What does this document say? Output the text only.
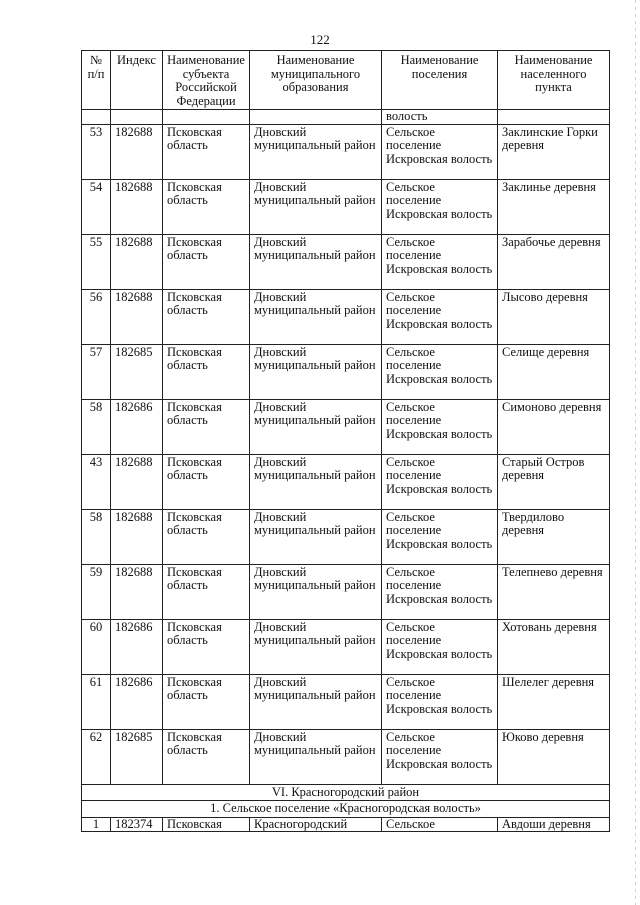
122
№ п/п	Индекс	Наименование субъекта Российской Федерации	Наименование муниципального образования	Наименование поселения	Наименование населенного пункта
				волость	
53	182688	Псковская область	Дновский муниципальный район	Сельское поселение Искровская волость	Заклинские Горки деревня
54	182688	Псковская область	Дновский муниципальный район	Сельское поселение Искровская волость	Заклинье деревня
55	182688	Псковская область	Дновский муниципальный район	Сельское поселение Искровская волость	Зарабочье деревня
56	182688	Псковская область	Дновский муниципальный район	Сельское поселение Искровская волость	Лысово деревня
57	182685	Псковская область	Дновский муниципальный район	Сельское поселение Искровская волость	Селище деревня
58	182686	Псковская область	Дновский муниципальный район	Сельское поселение Искровская волость	Симоново деревня
43	182688	Псковская область	Дновский муниципальный район	Сельское поселение Искровская волость	Старый Остров деревня
58	182688	Псковская область	Дновский муниципальный район	Сельское поселение Искровская волость	Твердилово деревня
59	182688	Псковская область	Дновский муниципальный район	Сельское поселение Искровская волость	Телепнево деревня
60	182686	Псковская область	Дновский муниципальный район	Сельское поселение Искровская волость	Хотовань деревня
61	182686	Псковская область	Дновский муниципальный район	Сельское поселение Искровская волость	Шелелег деревня
62	182685	Псковская область	Дновский муниципальный район	Сельское поселение Искровская волость	Юково деревня
VI. Красногородский район					
1. Сельское поселение «Красногородская волость»					
1	182374	Псковская	Красногородский	Сельское	Авдоши деревня
